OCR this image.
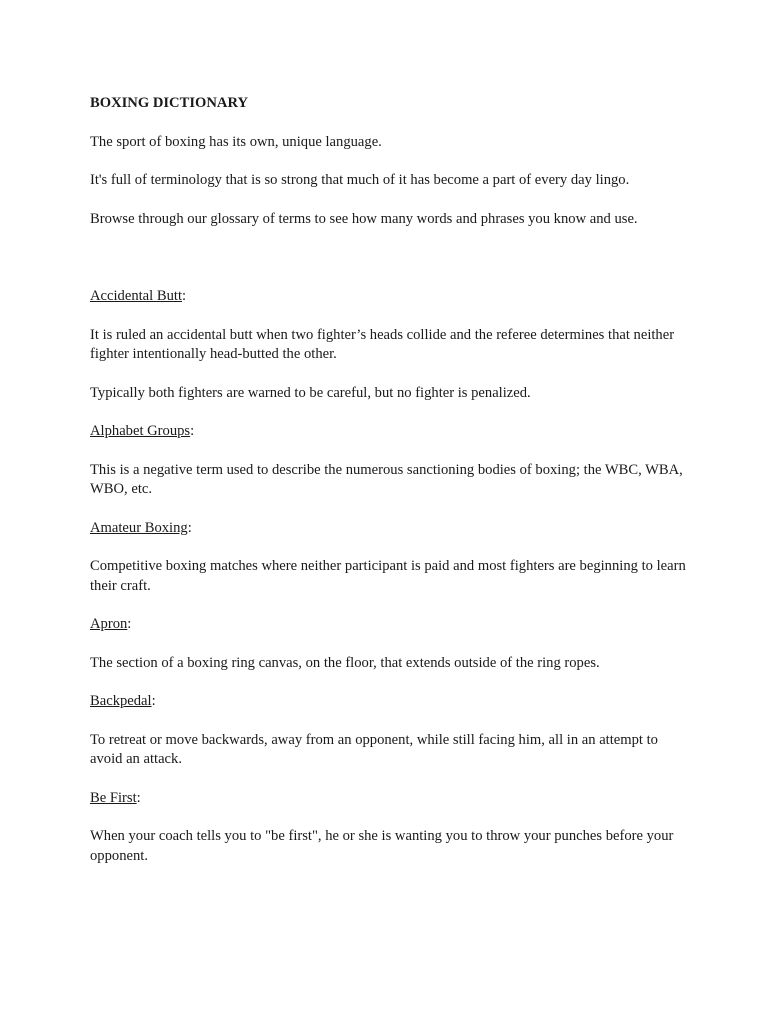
BOXING DICTIONARY

The sport of boxing has its own, unique language.

It's full of terminology that is so strong that much of it has become a part of every day lingo.

Browse through our glossary of terms to see how many words and phrases you know and use.

Accidental Butt:

It is ruled an accidental butt when two fighter’s heads collide and the referee determines that neither fighter intentionally head-butted the other.

Typically both fighters are warned to be careful, but no fighter is penalized.

Alphabet Groups:

This is a negative term used to describe the numerous sanctioning bodies of boxing; the WBC, WBA, WBO, etc.

Amateur Boxing:

Competitive boxing matches where neither participant is paid and most fighters are beginning to learn their craft.

Apron:

The section of a boxing ring canvas, on the floor, that extends outside of the ring ropes.

Backpedal:

To retreat or move backwards, away from an opponent, while still facing him, all in an attempt to avoid an attack.

Be First:

When your coach tells you to "be first", he or she is wanting you to throw your punches before your opponent.
